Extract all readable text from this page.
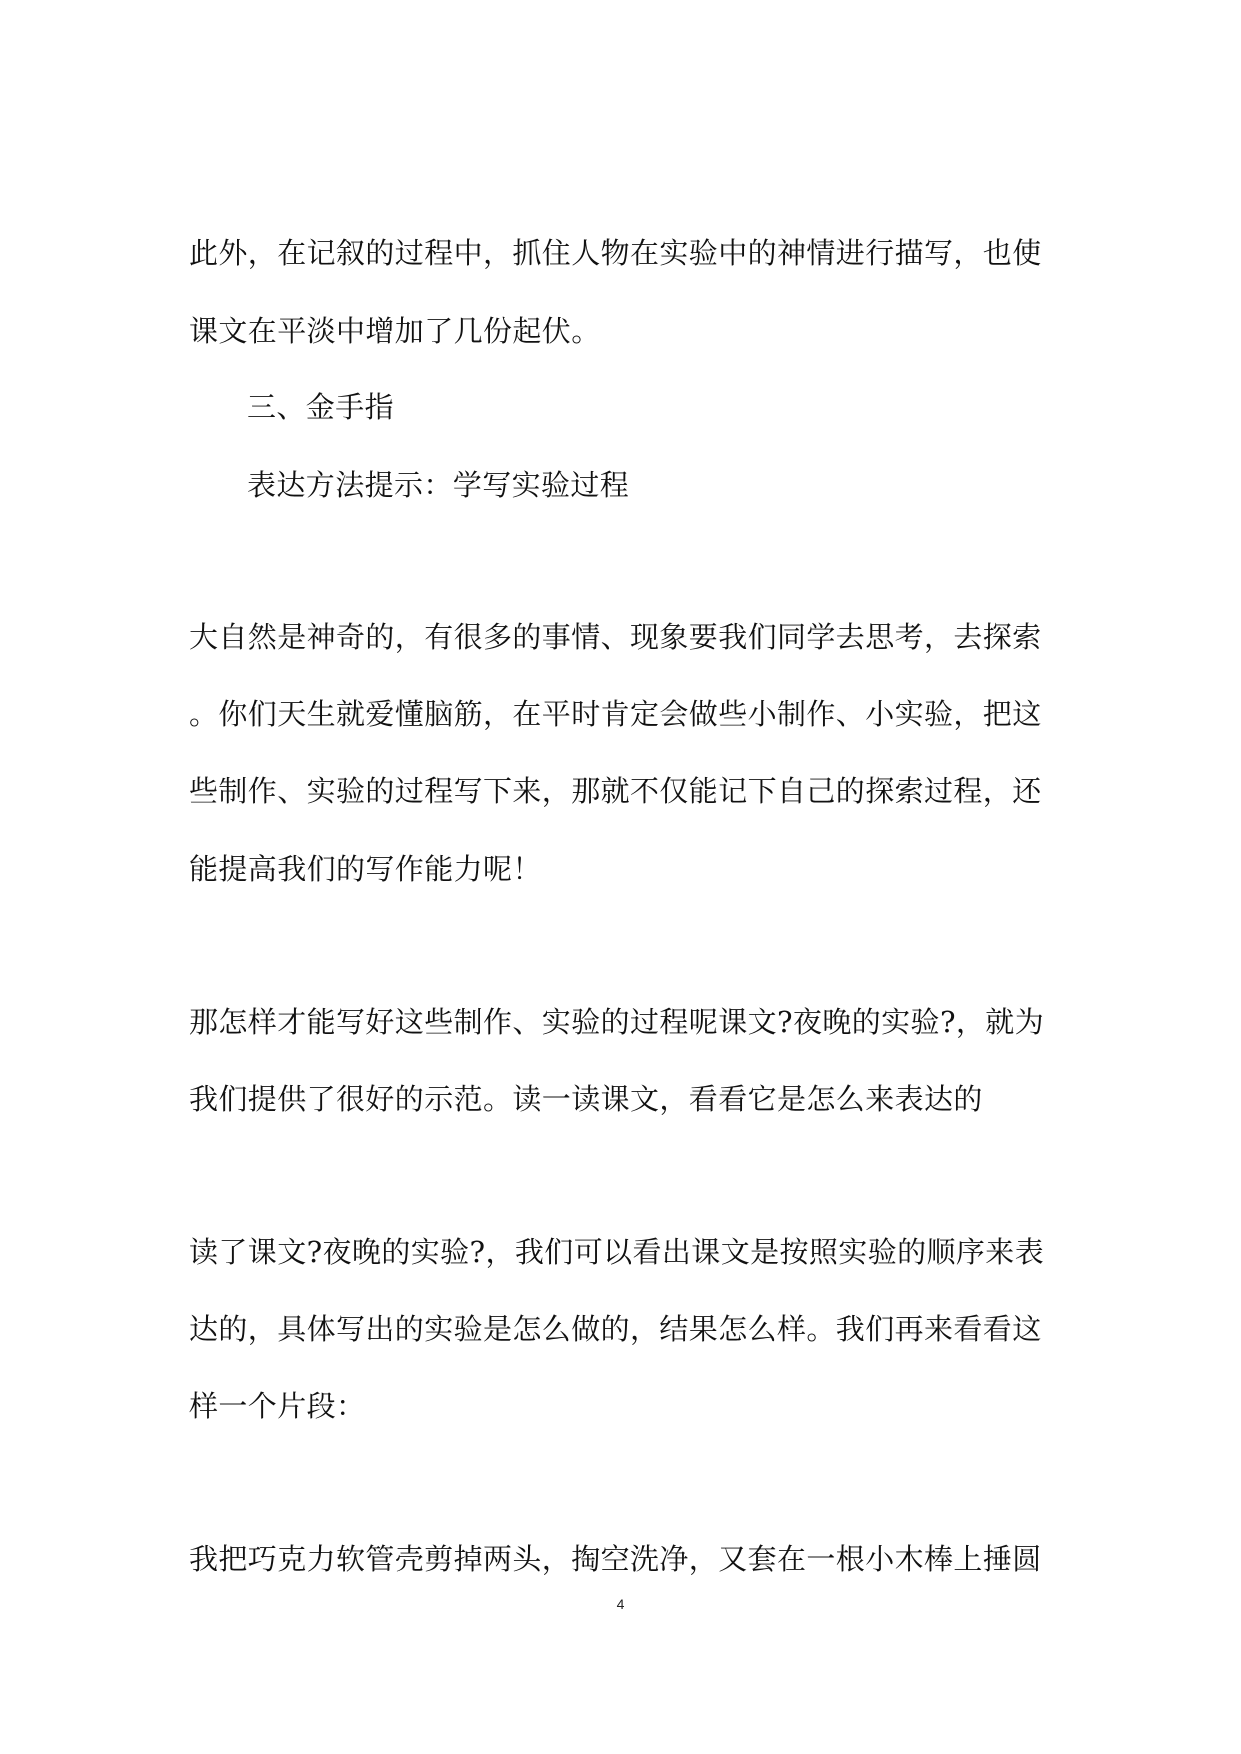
此外，在记叙的过程中，抓住人物在实验中的神情进行描写，也使
课文在平淡中增加了几份起伏。
三、金手指
表达方法提示：学写实验过程
大自然是神奇的，有很多的事情、现象要我们同学去思考，去探索
。你们天生就爱懂脑筋，在平时肯定会做些小制作、小实验，把这
些制作、实验的过程写下来，那就不仅能记下自己的探索过程，还
能提高我们的写作能力呢！
那怎样才能写好这些制作、实验的过程呢课文?夜晚的实验?，就为
我们提供了很好的示范。读一读课文，看看它是怎么来表达的
读了课文?夜晚的实验?，我们可以看出课文是按照实验的顺序来表
达的，具体写出的实验是怎么做的，结果怎么样。我们再来看看这
样一个片段：
我把巧克力软管壳剪掉两头，掏空洗净，又套在一根小木棒上捶圆
4
